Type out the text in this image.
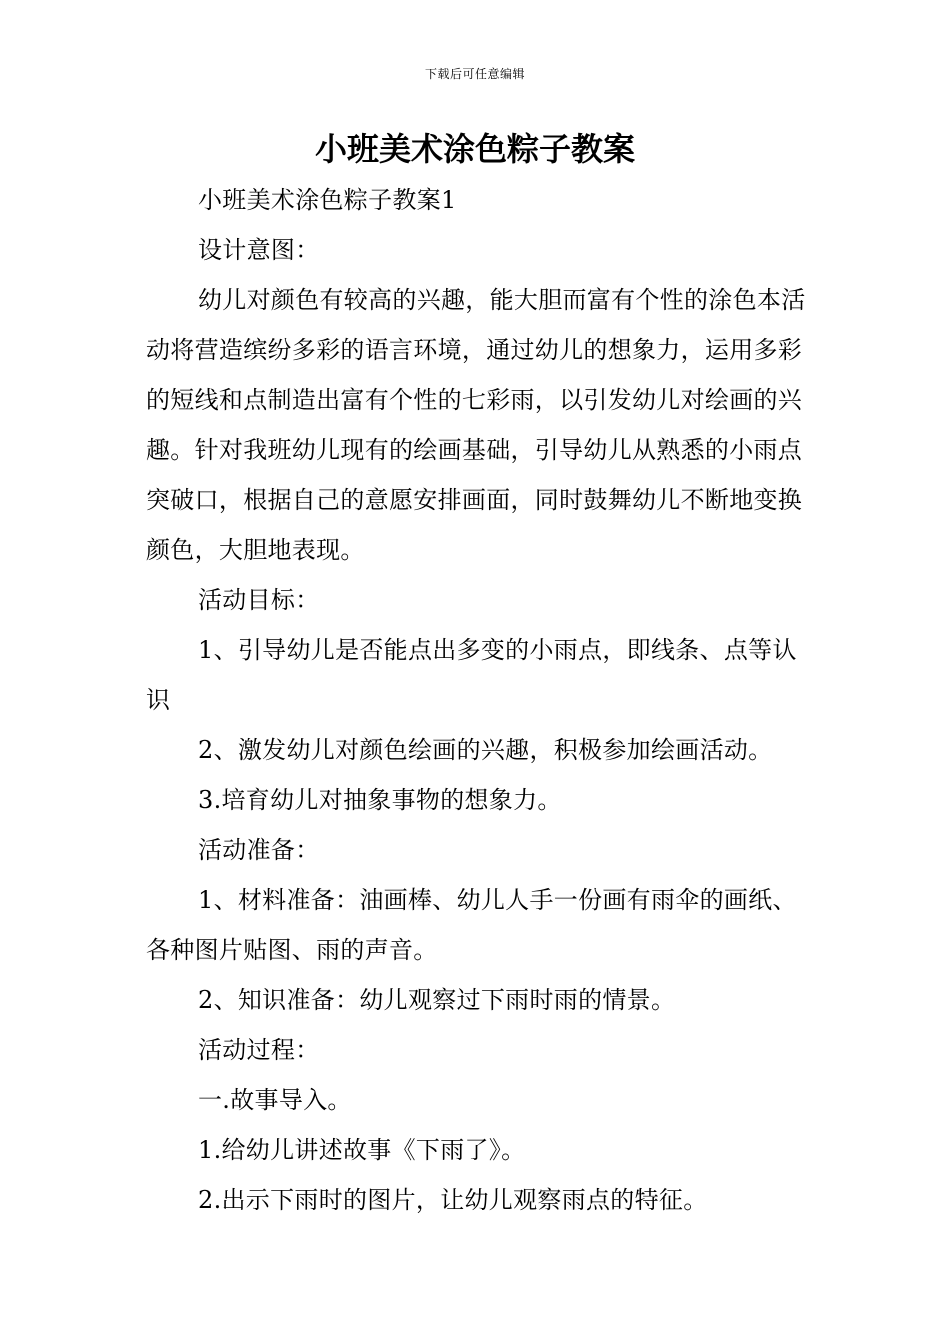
下载后可任意编辑
小班美术涂色粽子教案

小班美术涂色粽子教案1

设计意图：

幼儿对颜色有较高的兴趣，能大胆而富有个性的涂色本活动将营造缤纷多彩的语言环境，通过幼儿的想象力，运用多彩的短线和点制造出富有个性的七彩雨，以引发幼儿对绘画的兴趣。针对我班幼儿现有的绘画基础，引导幼儿从熟悉的小雨点突破口，根据自己的意愿安排画面，同时鼓舞幼儿不断地变换颜色，大胆地表现。

活动目标：

1、引导幼儿是否能点出多变的小雨点，即线条、点等认识

2、激发幼儿对颜色绘画的兴趣，积极参加绘画活动。

3.培育幼儿对抽象事物的想象力。

活动准备：

1、材料准备：油画棒、幼儿人手一份画有雨伞的画纸、各种图片贴图、雨的声音。

2、知识准备：幼儿观察过下雨时雨的情景。

活动过程：

一.故事导入。

1.给幼儿讲述故事《下雨了》。

2.出示下雨时的图片，让幼儿观察雨点的特征。
